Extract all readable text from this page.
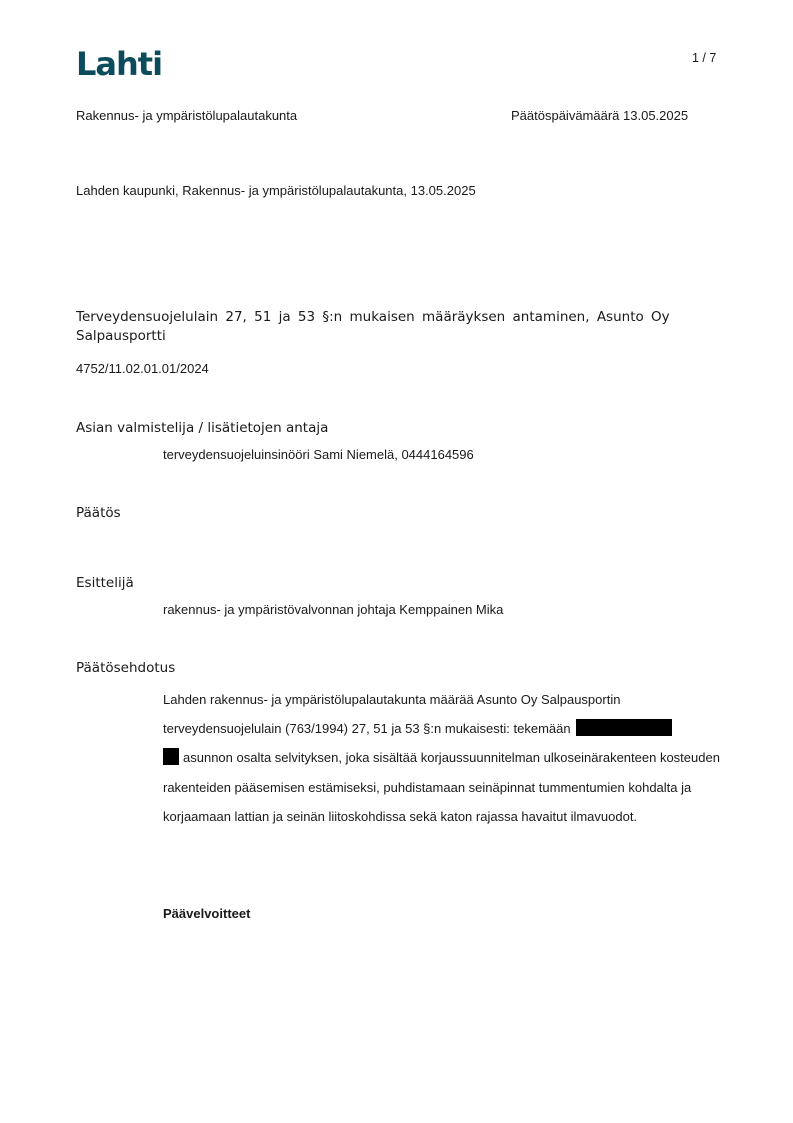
Lahti	1 / 7
Rakennus- ja ympäristölupalautakunta	Päätöspäivämäärä 13.05.2025
Lahden kaupunki, Rakennus- ja ympäristölupalautakunta, 13.05.2025
Terveydensuojelulain 27, 51 ja 53 §:n mukaisen määräyksen antaminen, Asunto Oy Salpausportti
4752/11.02.01.01/2024
Asian valmistelija / lisätietojen antaja
terveydensuojeluinsinööri Sami Niemelä, 0444164596
Päätös
Esittelijä
rakennus- ja ympäristövalvonnan johtaja Kemppainen Mika
Päätösehdotus
Lahden rakennus- ja ympäristölupalautakunta määrää Asunto Oy Salpausportin terveydensuojelulain (763/1994) 27, 51 ja 53 §:n mukaisesti: tekemään
asunnon osalta selvityksen, joka sisältää korjaussuunnitelman ulkoseinärakenteen kosteuden rakenteiden pääsemisen estämiseksi, puhdistamaan seinäpinnat tummentumien kohdalta ja korjaamaan lattian ja seinän liitoskohdissa sekä katon rajassa havaitut ilmavuodot.
Päävelvoitteet
